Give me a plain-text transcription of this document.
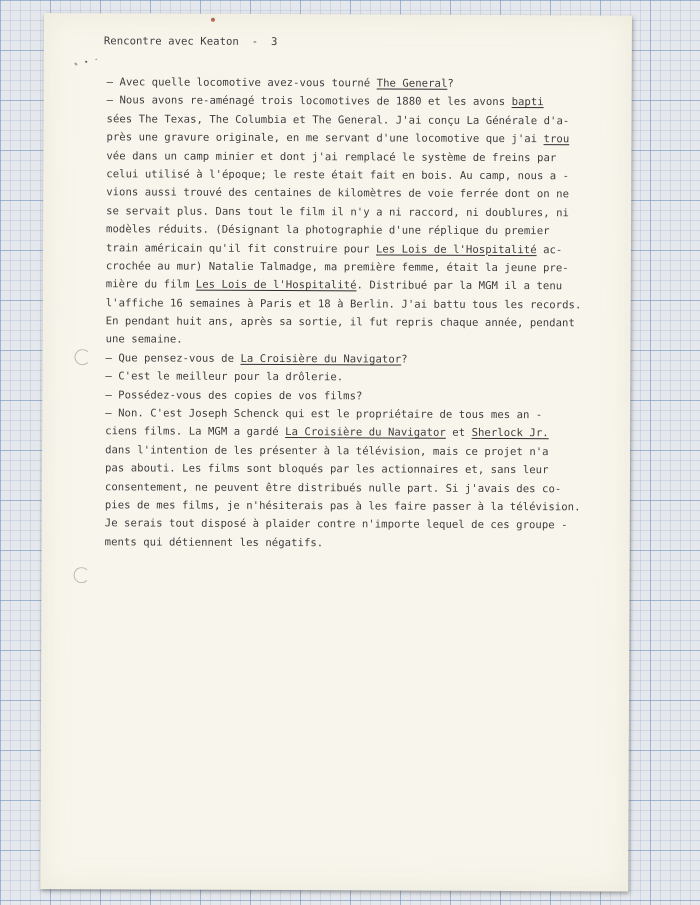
* • -
Rencontre avec Keaton - 3
— Avec quelle locomotive avez-vous tourné The General?
— Nous avons re-aménagé trois locomotives de 1880 et les avons bapti
sées The Texas, The Columbia et The General. J'ai conçu La Générale d'a-
près une gravure originale, en me servant d'une locomotive que j'ai trou
vée dans un camp minier et dont j'ai remplacé le système de freins par
celui utilisé à l'époque; le reste était fait en bois. Au camp, nous a -
vions aussi trouvé des centaines de kilomètres de voie ferrée dont on ne
se servait plus. Dans tout le film il n'y a ni raccord, ni doublures, ni
modèles réduits. (Désignant la photographie d'une réplique du premier
train américain qu'il fit construire pour Les Lois de l'Hospitalité ac-
crochée au mur) Natalie Talmadge, ma première femme, était la jeune pre-
mière du film Les Lois de l'Hospitalité. Distribué par la MGM il a tenu
l'affiche 16 semaines à Paris et 18 à Berlin. J'ai battu tous les records.
En pendant huit ans, après sa sortie, il fut repris chaque année, pendant
une semaine.
— Que pensez-vous de La Croisière du Navigator?
— C'est le meilleur pour la drôlerie.
— Possédez-vous des copies de vos films?
— Non. C'est Joseph Schenck qui est le propriétaire de tous mes an -
ciens films. La MGM a gardé La Croisière du Navigator et Sherlock Jr.
dans l'intention de les présenter à la télévision, mais ce projet n'a
pas abouti. Les films sont bloqués par les actionnaires et, sans leur
consentement, ne peuvent être distribués nulle part. Si j'avais des co-
pies de mes films, je n'hésiterais pas à les faire passer à la télévision.
Je serais tout disposé à plaider contre n'importe lequel de ces groupe -
ments qui détiennent les négatifs.
